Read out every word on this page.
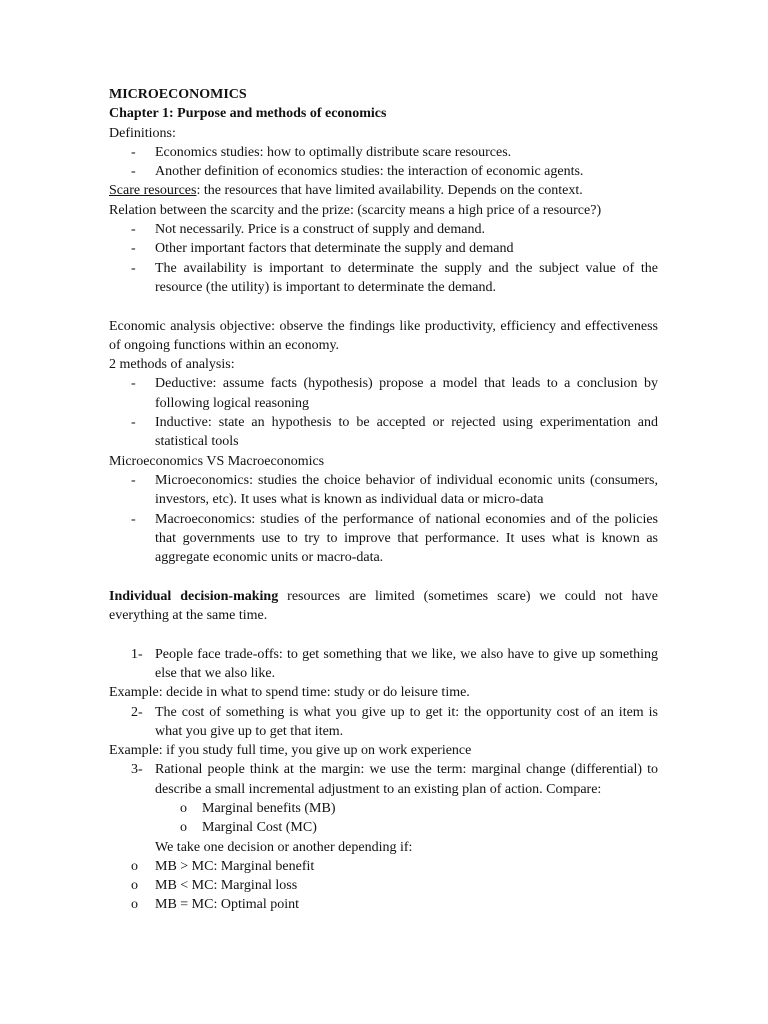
MICROECONOMICS

Chapter 1: Purpose and methods of economics

Definitions:

- Economics studies: how to optimally distribute scare resources.
- Another definition of economics studies: the interaction of economic agents.

Scare resources: the resources that have limited availability. Depends on the context.

Relation between the scarcity and the prize: (scarcity means a high price of a resource?)

- Not necessarily. Price is a construct of supply and demand.
- Other important factors that determinate the supply and demand
- The availability is important to determinate the supply and the subject value of the resource (the utility) is important to determinate the demand.

Economic analysis objective: observe the findings like productivity, efficiency and effectiveness of ongoing functions within an economy.

2 methods of analysis:

- Deductive: assume facts (hypothesis) propose a model that leads to a conclusion by following logical reasoning
- Inductive: state an hypothesis to be accepted or rejected using experimentation and statistical tools

Microeconomics VS Macroeconomics

- Microeconomics: studies the choice behavior of individual economic units (consumers, investors, etc). It uses what is known as individual data or micro-data
- Macroeconomics: studies of the performance of national economies and of the policies that governments use to try to improve that performance. It uses what is known as aggregate economic units or macro-data.

Individual decision-making resources are limited (sometimes scare) we could not have everything at the same time.

1- People face trade-offs: to get something that we like, we also have to give up something else that we also like.

Example: decide in what to spend time: study or do leisure time.

2- The cost of something is what you give up to get it: the opportunity cost of an item is what you give up to get that item.

Example: if you study full time, you give up on work experience

3- Rational people think at the margin: we use the term: marginal change (differential) to describe a small incremental adjustment to an existing plan of action. Compare:
o Marginal benefits (MB)
o Marginal Cost (MC)

We take one decision or another depending if:

o MB > MC: Marginal benefit
o MB < MC: Marginal loss
o MB = MC: Optimal point
